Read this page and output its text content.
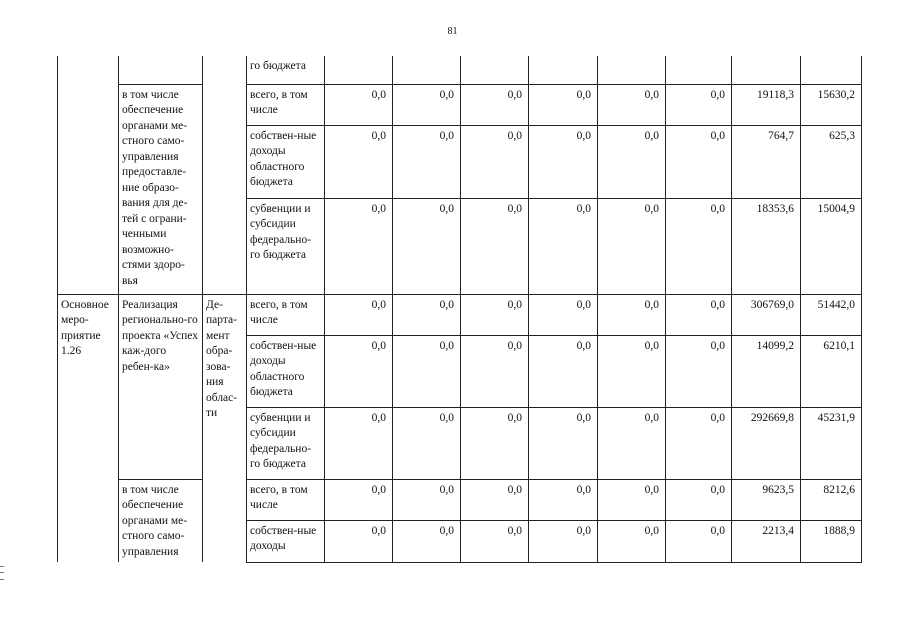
81
			го бюджета								
	в том числе обеспечение органами ме-стного само-управления предоставле-ние образо-вания для де-тей с ограни-ченными возможно-стями здоро-вья		всего, в том числе	0,0	0,0	0,0	0,0	0,0	0,0	19118,3	15630,2
			собствен-ные доходы областного бюджета	0,0	0,0	0,0	0,0	0,0	0,0	764,7	625,3
			субвенции и субсидии федерально-го бюджета	0,0	0,0	0,0	0,0	0,0	0,0	18353,6	15004,9
Основное меро-приятие 1.26	Реализация регионально-го проекта «Успех каж-дого ребен-ка»	Де-парта-мент обра-зова-ния облас-ти	всего, в том числе	0,0	0,0	0,0	0,0	0,0	0,0	306769,0	51442,0
			собствен-ные доходы областного бюджета	0,0	0,0	0,0	0,0	0,0	0,0	14099,2	6210,1
			субвенции и субсидии федерально-го бюджета	0,0	0,0	0,0	0,0	0,0	0,0	292669,8	45231,9
	в том числе обеспечение органами ме-стного само-управления		всего, в том числе	0,0	0,0	0,0	0,0	0,0	0,0	9623,5	8212,6
			собствен-ные доходы	0,0	0,0	0,0	0,0	0,0	0,0	2213,4	1888,9
